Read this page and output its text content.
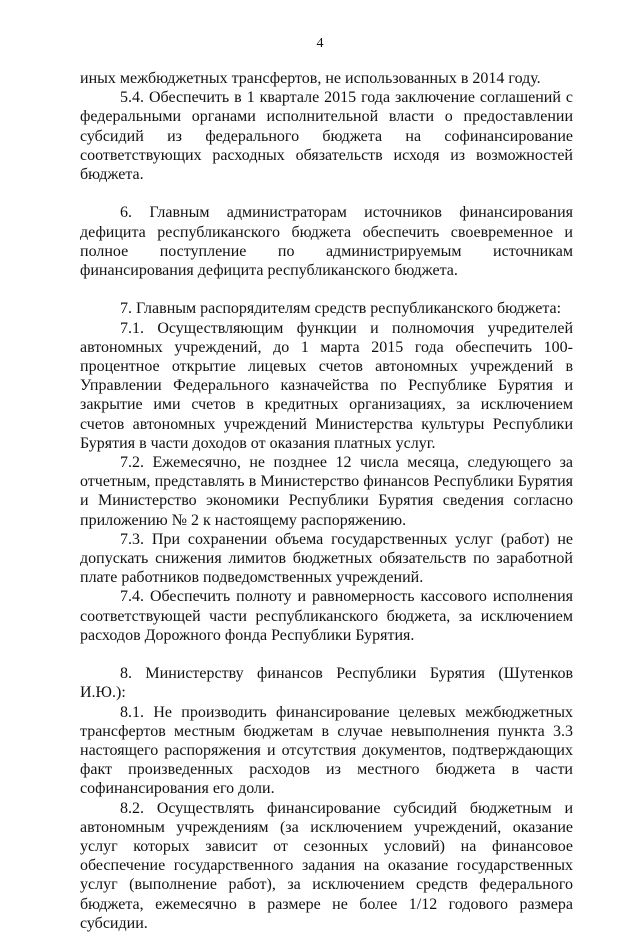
4

иных межбюджетных трансфертов, не использованных в 2014 году.

5.4. Обеспечить в 1 квартале 2015 года заключение соглашений с федеральными органами исполнительной власти о предоставлении субсидий из федерального бюджета на софинансирование соответствующих расходных обязательств исходя из возможностей бюджета.

6. Главным администраторам источников финансирования дефицита республиканского бюджета обеспечить своевременное и полное поступление по администрируемым источникам финансирования дефицита республиканского бюджета.

7. Главным распорядителям средств республиканского бюджета:

7.1. Осуществляющим функции и полномочия учредителей автономных учреждений, до 1 марта 2015 года обеспечить 100-процентное открытие лицевых счетов автономных учреждений в Управлении Федерального казначейства по Республике Бурятия и закрытие ими счетов в кредитных организациях, за исключением счетов автономных учреждений Министерства культуры Республики Бурятия в части доходов от оказания платных услуг.

7.2. Ежемесячно, не позднее 12 числа месяца, следующего за отчетным, представлять в Министерство финансов Республики Бурятия и Министерство экономики Республики Бурятия сведения согласно приложению № 2 к настоящему распоряжению.

7.3. При сохранении объема государственных услуг (работ) не допускать снижения лимитов бюджетных обязательств по заработной плате работников подведомственных учреждений.

7.4. Обеспечить полноту и равномерность кассового исполнения соответствующей части республиканского бюджета, за исключением расходов Дорожного фонда Республики Бурятия.

8. Министерству финансов Республики Бурятия (Шутенков И.Ю.):

8.1. Не производить финансирование целевых межбюджетных трансфертов местным бюджетам в случае невыполнения пункта 3.3 настоящего распоряжения и отсутствия документов, подтверждающих факт произведенных расходов из местного бюджета в части софинансирования его доли.

8.2. Осуществлять финансирование субсидий бюджетным и автономным учреждениям (за исключением учреждений, оказание услуг которых зависит от сезонных условий) на финансовое обеспечение государственного задания на оказание государственных услуг (выполнение работ), за исключением средств федерального бюджета, ежемесячно в размере не более 1/12 годового размера субсидии.
